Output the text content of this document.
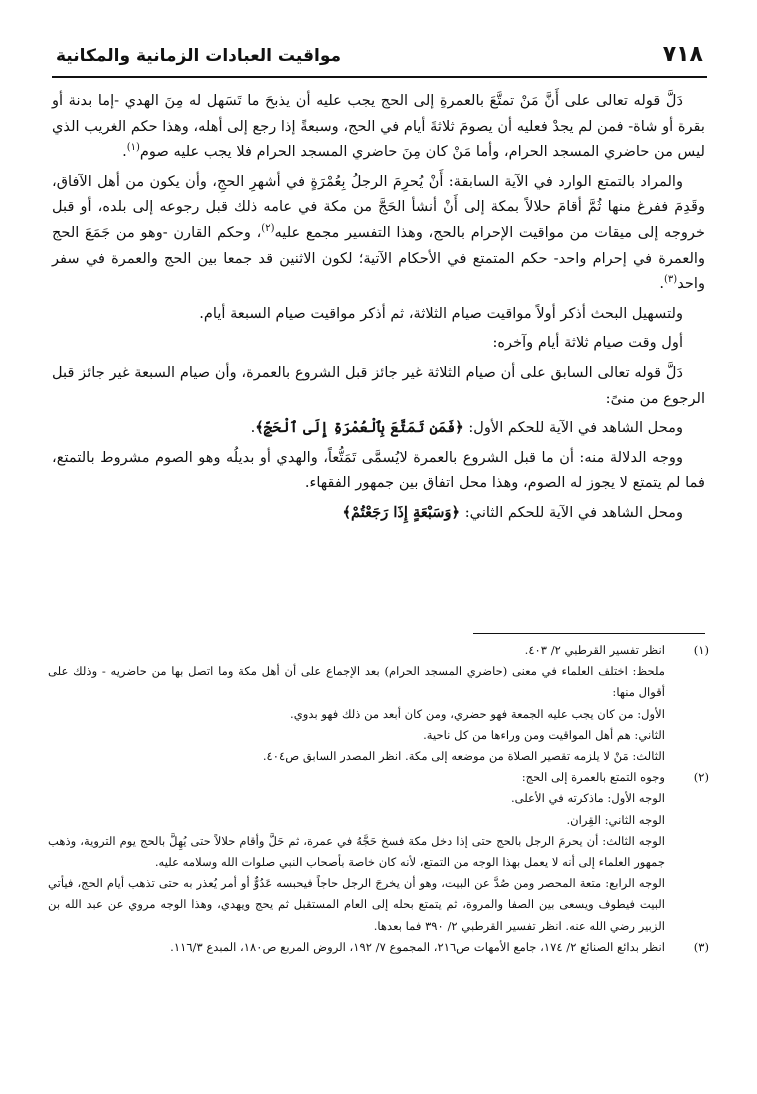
٧١٨
مواقيت العبادات الزمانية والمكانية

دَلَّ قوله تعالى على أَنَّ مَنْ تمتَّعَ بالعمرةِ إلى الحج يجب عليه أن يذبحَ ما تَسَهل له مِنَ الهدي -إما بدنة أو بقرة أو شاة- فمن لم يجدْ فعليه أن يصومَ ثلاثةَ أيام في الحج، وسبعةً إذا رجع إلى أهله، وهذا حكم الغريب الذي ليس من حاضري المسجد الحرام، وأما مَنْ كان مِنَ حاضري المسجد الحرام فلا يجب عليه صوم$^{(١)}$.

والمراد بالتمتع الوارد في الآية السابقة: أَنْ يُحرِمَ الرجلُ بِعُمْرَةٍ في أشهرِ الحجِ، وأن يكون من أهل الآفاق، وقَدِمَ ففرغ منها ثُمَّ أقامَ حلالاً بمكة إلى أَنْ أنشأ الحَجَّ من مكة في عامه ذلك قبل رجوعه إلى بلده، أو قبل خروجه إلى ميقات من مواقيت الإحرام بالحج، وهذا التفسير مجمع عليه$^{(٢)}$، وحكم القارن -وهو من جَمَعَ الحج والعمرة في إحرام واحد- حكم المتمتع في الأحكام الآتية؛ لكون الاثنين قد جمعا بين الحج والعمرة في سفر واحد$^{(٣)}$.

ولتسهيل البحث أذكر أولاً مواقيت صيام الثلاثة، ثم أذكر مواقيت صيام السبعة أيام.

أول وقت صيام ثلاثة أيام وآخره:

دَلَّ قوله تعالى السابق على أن صيام الثلاثة غير جائز قبل الشروع بالعمرة، وأن صيام السبعة غير جائز قبل الرجوع من منىً:

ومحل الشاهد في الآية للحكم الأول: ﴿فَمَن تَمَتَّعَ بِٱلْعُمْرَةِ إِلَى ٱلْحَجِّ﴾.

ووجه الدلالة منه: أن ما قبل الشروع بالعمرة لايُسمَّى تَمَتُّعاً، والهدي أو بديلُه وهو الصوم مشروط بالتمتع، فما لم يتمتع لا يجوز له الصوم، وهذا محل اتفاق بين جمهور الفقهاء.

ومحل الشاهد في الآية للحكم الثاني: ﴿وَسَبْعَةٍ إِذَا رَجَعْتُمْ﴾

(١)
انظر تفسير القرطبي ٢/ ٤٠٣.
ملحظ: اختلف العلماء في معنى (حاضري المسجد الحرام) بعد الإجماع على أن أهل مكة وما اتصل بها من حاضريه - وذلك على أقوال منها:
الأول: من كان يجب عليه الجمعة فهو حضري، ومن كان أبعد من ذلك فهو بدوي.
الثاني: هم أهل المواقيت ومن وراءها من كل ناحية.
الثالث: مَنْ لا يلزمه تقصير الصلاة من موضعه إلى مكة. انظر المصدر السابق ص٤٠٤.
(٢)
وجوه التمتع بالعمرة إلى الحج:
الوجه الأول: ماذكرته في الأعلى.
الوجه الثاني: القِران.
الوجه الثالث: أن يحرمَ الرجل بالحج حتى إذا دخل مكة فسخ حَجَّهُ في عمرة، ثم حَلَّ وأقام حلالاً حتى يُهِلَّ بالحج يوم التروية، وذهب جمهور العلماء إلى أنه لا يعمل بهذا الوجه من التمتع، لأنه كان خاصة بأصحاب النبي صلوات الله وسلامه عليه.
الوجه الرابع: متعة المحصر ومن صُدَّ عن البيت، وهو أن يخرجَ الرجل حاجاً فيحبسه عَدُوٌّ أو أمر يُعذر به حتى تذهب أيام الحج، فيأتي البيت فيطوف ويسعى بين الصفا والمروة، ثم يتمتع بحله إلى العام المستقبل ثم يحج ويهدي، وهذا الوجه مروي عن عبد الله بن الزبير رضي الله عنه. انظر تفسير القرطبي ٢/ ٣٩٠ فما بعدها.
(٣)
انظر بدائع الصنائع ٢/ ١٧٤، جامع الأمهات ص٢١٦، المجموع ٧/ ١٩٢، الروض المربع ص١٨٠، المبدع ١١٦/٣.
